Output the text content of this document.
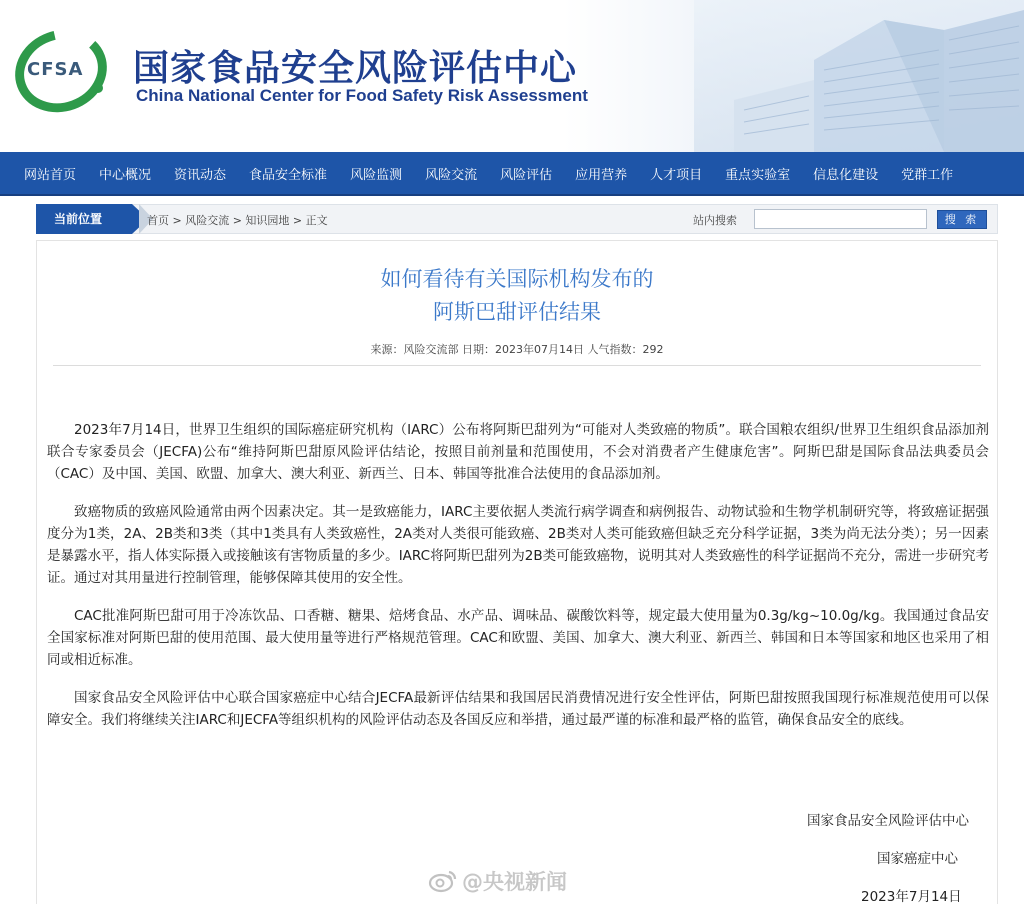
CFSA 国家食品安全风险评估中心
China National Center for Food Safety Risk Assessment
网站首页 中心概况 资讯动态 食品安全标准 风险监测 风险交流 风险评估 应用营养 人才项目 重点实验室 信息化建设 党群工作
当前位置	首页 > 风险交流 > 知识园地 > 正文	站内搜索	搜 索
如何看待有关国际机构发布的
阿斯巴甜评估结果
来源：风险交流部 日期：2023年07月14日 人气指数：292

2023年7月14日，世界卫生组织的国际癌症研究机构（IARC）公布将阿斯巴甜列为“可能对人类致癌的物质”。联合国粮农组织/世界卫生组织食品添加剂联合专家委员会（JECFA)公布“维持阿斯巴甜原风险评估结论，按照目前剂量和范围使用，不会对消费者产生健康危害”。阿斯巴甜是国际食品法典委员会（CAC）及中国、美国、欧盟、加拿大、澳大利亚、新西兰、日本、韩国等批准合法使用的食品添加剂。

致癌物质的致癌风险通常由两个因素决定。其一是致癌能力，IARC主要依据人类流行病学调查和病例报告、动物试验和生物学机制研究等，将致癌证据强度分为1类，2A、2B类和3类（其中1类具有人类致癌性，2A类对人类很可能致癌、2B类对人类可能致癌但缺乏充分科学证据，3类为尚无法分类）；另一因素是暴露水平，指人体实际摄入或接触该有害物质量的多少。IARC将阿斯巴甜列为2B类可能致癌物，说明其对人类致癌性的科学证据尚不充分，需进一步研究考证。通过对其用量进行控制管理，能够保障其使用的安全性。

CAC批准阿斯巴甜可用于冷冻饮品、口香糖、糖果、焙烤食品、水产品、调味品、碳酸饮料等，规定最大使用量为0.3g/kg~10.0g/kg。我国通过食品安全国家标准对阿斯巴甜的使用范围、最大使用量等进行严格规范管理。CAC和欧盟、美国、加拿大、澳大利亚、新西兰、韩国和日本等国家和地区也采用了相同或相近标准。

国家食品安全风险评估中心联合国家癌症中心结合JECFA最新评估结果和我国居民消费情况进行安全性评估，阿斯巴甜按照我国现行标准规范使用可以保障安全。我们将继续关注IARC和JECFA等组织机构的风险评估动态及各国反应和举措，通过最严谨的标准和最严格的监管，确保食品安全的底线。

国家食品安全风险评估中心
国家癌症中心
2023年7月14日
@央视新闻
